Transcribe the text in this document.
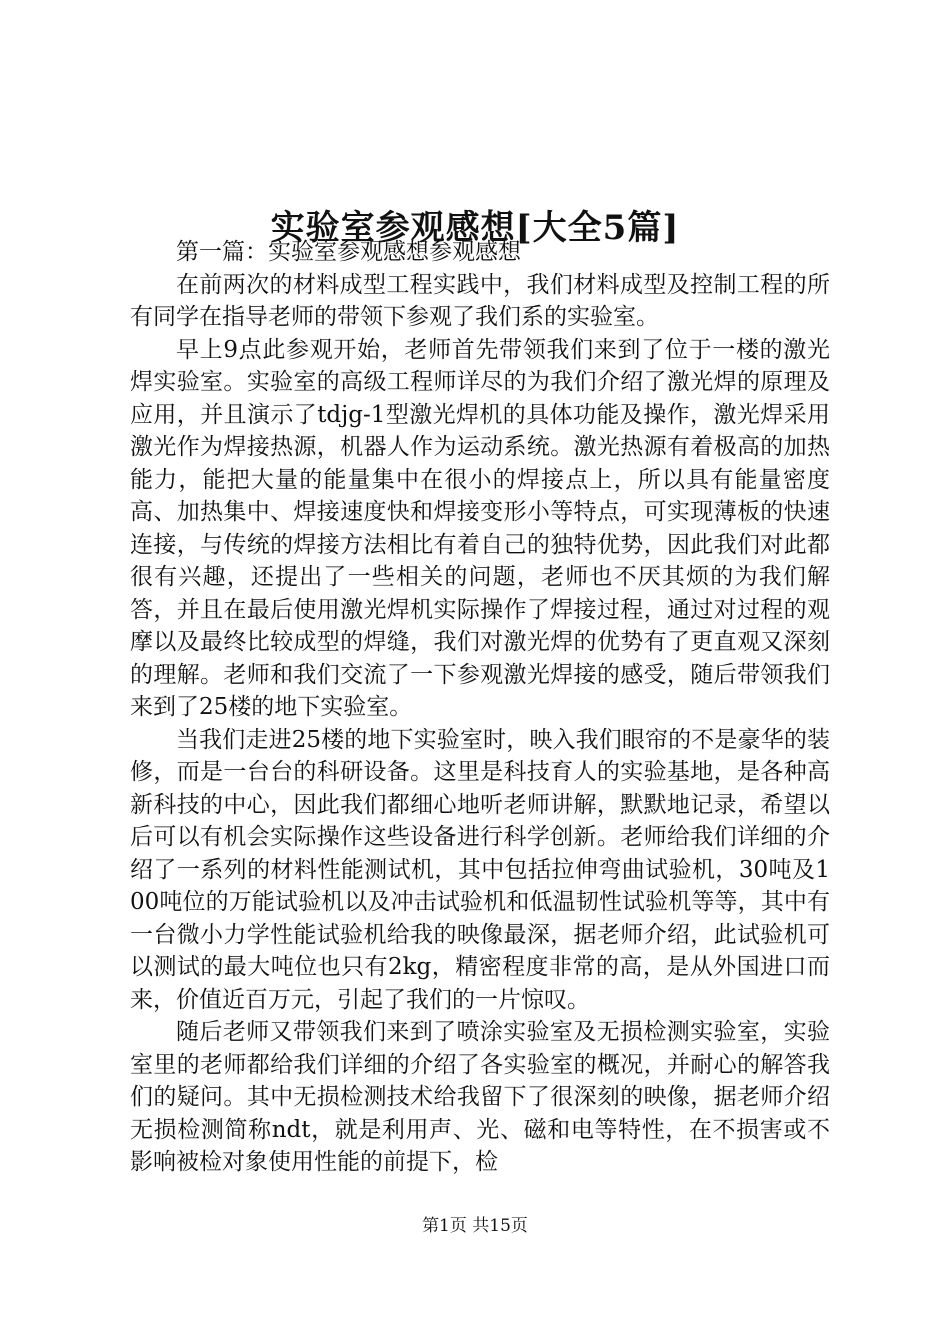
实验室参观感想[大全5篇]

第一篇：实验室参观感想参观感想

在前两次的材料成型工程实践中，我们材料成型及控制工程的所有同学在指导老师的带领下参观了我们系的实验室。

早上9点此参观开始，老师首先带领我们来到了位于一楼的激光焊实验室。实验室的高级工程师详尽的为我们介绍了激光焊的原理及应用，并且演示了tdjg-1型激光焊机的具体功能及操作，激光焊采用激光作为焊接热源，机器人作为运动系统。激光热源有着极高的加热能力，能把大量的能量集中在很小的焊接点上，所以具有能量密度高、加热集中、焊接速度快和焊接变形小等特点，可实现薄板的快速连接，与传统的焊接方法相比有着自己的独特优势，因此我们对此都很有兴趣，还提出了一些相关的问题，老师也不厌其烦的为我们解答，并且在最后使用激光焊机实际操作了焊接过程，通过对过程的观摩以及最终比较成型的焊缝，我们对激光焊的优势有了更直观又深刻的理解。老师和我们交流了一下参观激光焊接的感受，随后带领我们来到了25楼的地下实验室。

当我们走进25楼的地下实验室时，映入我们眼帘的不是豪华的装修，而是一台台的科研设备。这里是科技育人的实验基地，是各种高新科技的中心，因此我们都细心地听老师讲解，默默地记录，希望以后可以有机会实际操作这些设备进行科学创新。老师给我们详细的介绍了一系列的材料性能测试机，其中包括拉伸弯曲试验机，30吨及100吨位的万能试验机以及冲击试验机和低温韧性试验机等等，其中有一台微小力学性能试验机给我的映像最深，据老师介绍，此试验机可以测试的最大吨位也只有2kg，精密程度非常的高，是从外国进口而来，价值近百万元，引起了我们的一片惊叹。

随后老师又带领我们来到了喷涂实验室及无损检测实验室，实验室里的老师都给我们详细的介绍了各实验室的概况，并耐心的解答我们的疑问。其中无损检测技术给我留下了很深刻的映像，据老师介绍无损检测简称ndt，就是利用声、光、磁和电等特性，在不损害或不影响被检对象使用性能的前提下，检

第1页 共15页
